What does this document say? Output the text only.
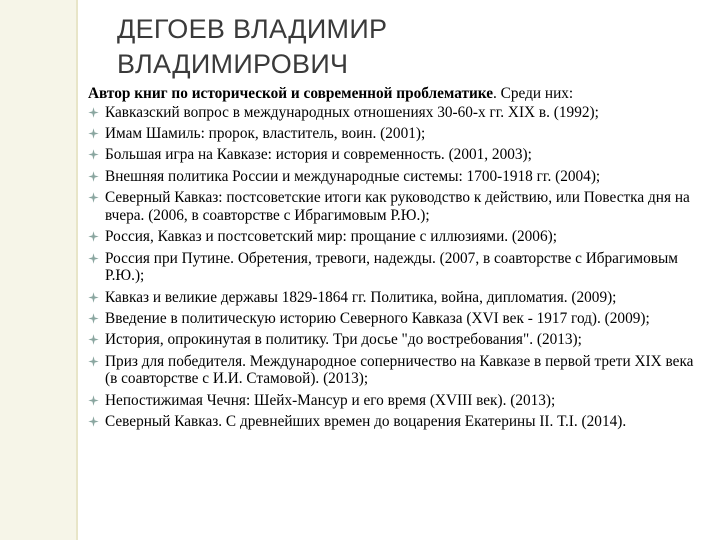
ДЕГОЕВ ВЛАДИМИР
ВЛАДИМИРОВИЧ

Автор книг по исторической и современной проблематике. Среди них:

Кавказский вопрос в международных отношениях 30-60-х гг. XIX в. (1992);
Имам Шамиль: пророк, властитель, воин. (2001);
Большая игра на Кавказе: история и современность. (2001, 2003);
Внешняя политика России и международные системы: 1700-1918 гг. (2004);
Северный Кавказ: постсоветские итоги как руководство к действию, или Повестка дня на вчера. (2006, в соавторстве с Ибрагимовым Р.Ю.);
Россия, Кавказ и постсоветский мир: прощание с иллюзиями. (2006);
Россия при Путине. Обретения, тревоги, надежды. (2007, в соавторстве с Ибрагимовым Р.Ю.);
Кавказ и великие державы 1829-1864 гг. Политика, война, дипломатия. (2009);
Введение в политическую историю Северного Кавказа (XVI век - 1917 год). (2009);
История, опрокинутая в политику. Три досье "до востребования". (2013);
Приз для победителя. Международное соперничество на Кавказе в первой трети XIX века (в соавторстве с И.И. Стамовой). (2013);
Непостижимая Чечня: Шейх-Мансур и его время (XVIII век). (2013);
Северный Кавказ. С древнейших времен до воцарения Екатерины II. Т.I. (2014).
